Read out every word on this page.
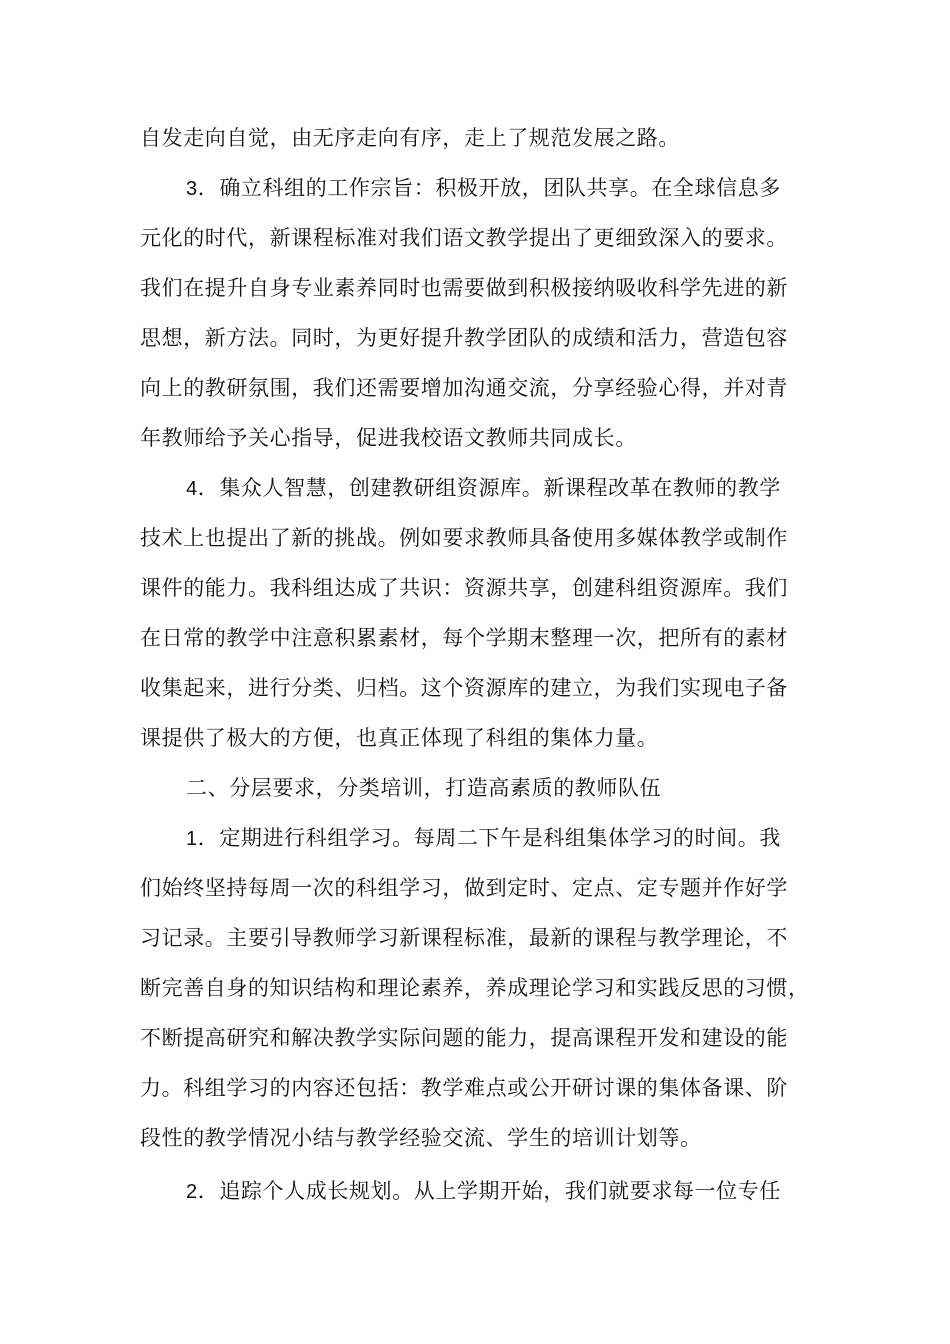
自发走向自觉，由无序走向有序，走上了规范发展之路。
3．确立科组的工作宗旨：积极开放，团队共享。在全球信息多
元化的时代，新课程标准对我们语文教学提出了更细致深入的要求。
我们在提升自身专业素养同时也需要做到积极接纳吸收科学先进的新
思想，新方法。同时，为更好提升教学团队的成绩和活力，营造包容
向上的教研氛围，我们还需要增加沟通交流，分享经验心得，并对青
年教师给予关心指导，促进我校语文教师共同成长。
4．集众人智慧，创建教研组资源库。新课程改革在教师的教学
技术上也提出了新的挑战。例如要求教师具备使用多媒体教学或制作
课件的能力。我科组达成了共识：资源共享，创建科组资源库。我们
在日常的教学中注意积累素材，每个学期末整理一次，把所有的素材
收集起来，进行分类、归档。这个资源库的建立，为我们实现电子备
课提供了极大的方便，也真正体现了科组的集体力量。
二、分层要求，分类培训，打造高素质的教师队伍
1．定期进行科组学习。每周二下午是科组集体学习的时间。我
们始终坚持每周一次的科组学习，做到定时、定点、定专题并作好学
习记录。主要引导教师学习新课程标准，最新的课程与教学理论，不
断完善自身的知识结构和理论素养，养成理论学习和实践反思的习惯，
不断提高研究和解决教学实际问题的能力，提高课程开发和建设的能
力。科组学习的内容还包括：教学难点或公开研讨课的集体备课、阶
段性的教学情况小结与教学经验交流、学生的培训计划等。
2．追踪个人成长规划。从上学期开始，我们就要求每一位专任
